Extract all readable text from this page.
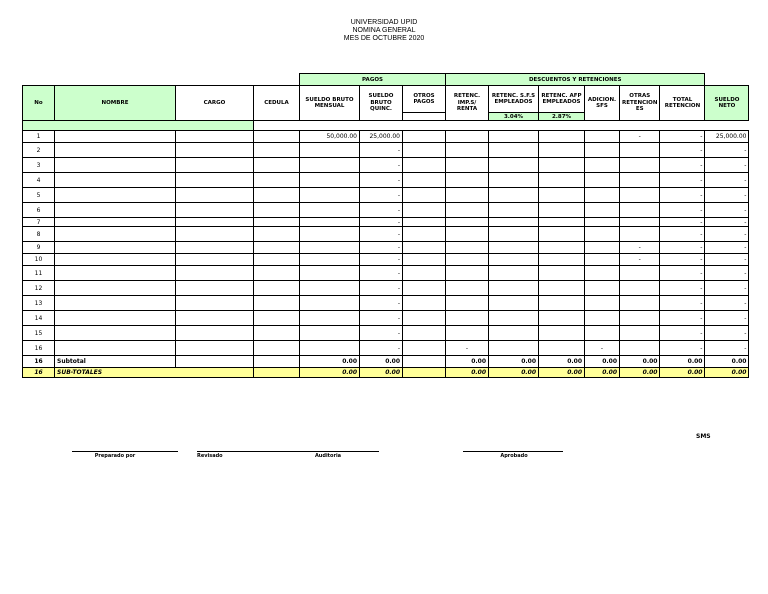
UNIVERSIDAD UPID
NOMINA GENERAL
MES DE OCTUBRE 2020
				PAGOS			DESCUENTOS Y RETENCIONES						
No	NOMBRE	CARGO	CEDULA	SUELDO BRUTO MENSUAL	SUELDO BRUTO QUINC.	OTROS PAGOS	RETENC. IMP.S/ RENTA	RETENC. S.F.S EMPLEADOS	RETENC. AFP EMPLEADOS	ADICION. SFS	OTRAS RETENCION ES	TOTAL RETENCION	SUELDO NETO
								3.04%	2.87%				

1				50,000.00	25,000.00						-	-	25,000.00
2					-							-	-
3					-							-	-
4					-							-	-
5					-							-	-
6					-							-	-
7					-							-	-
8					-							-	-
9					-						-	-	-
10					-						-	-	-
11					-							-	-
12					-							-	-
13					-							-	-
14					-							-	-
15					-							-	-
16					-		-			-		-	-
16	Subtotal			0.00	0.00		0.00	0.00	0.00	0.00	0.00	0.00	0.00
16	SUB-TOTALES			0.00	0.00		0.00	0.00	0.00	0.00	0.00	0.00	0.00
SMS
Preparado por	Revisado	Auditoria	Aprobado
